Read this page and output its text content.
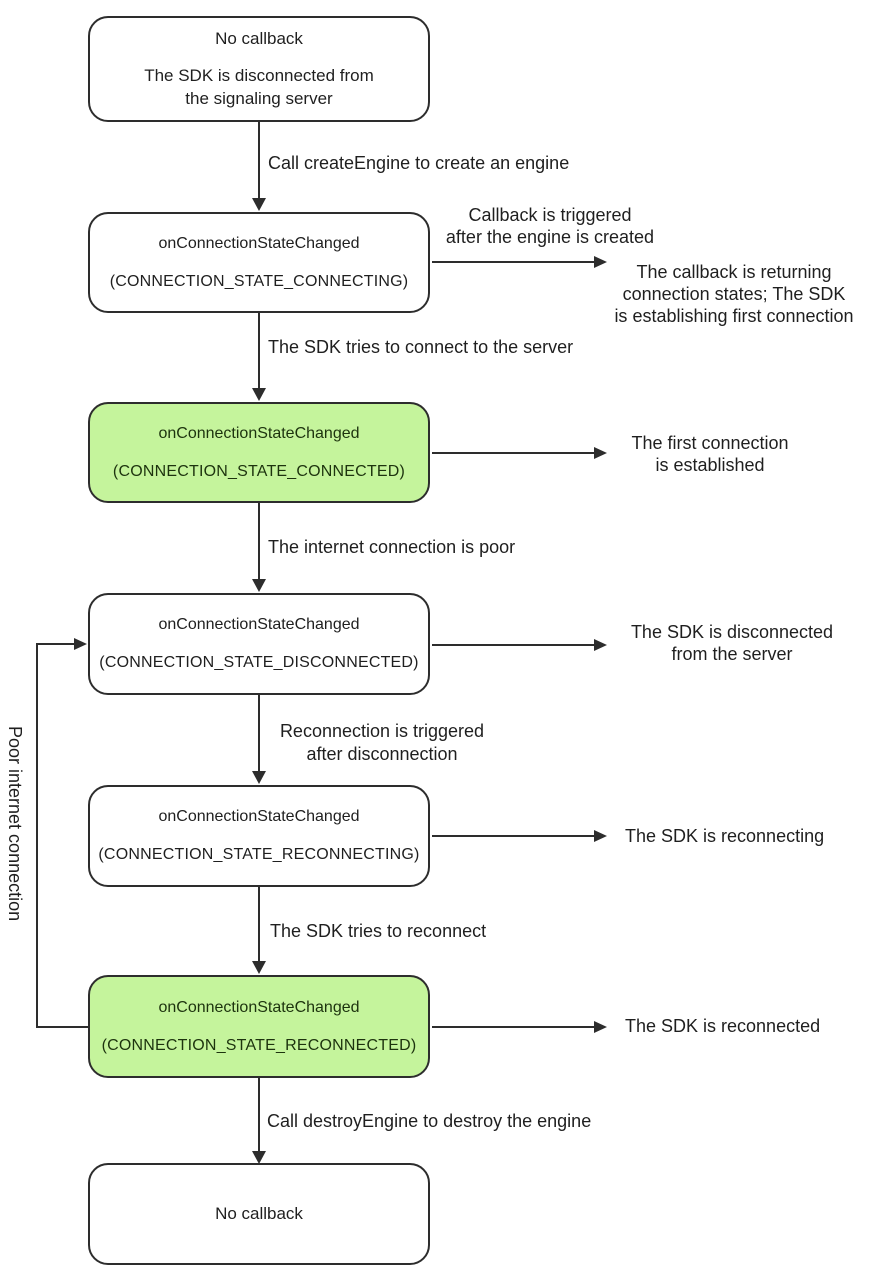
No callback
The SDK is disconnected from
the signaling server
Call createEngine to create an engine
onConnectionStateChanged
(CONNECTION_STATE_CONNECTING)
Callback is triggered
after the engine is created
The callback is returning
connection states; The SDK
is establishing first connection
The SDK tries to connect to the server
onConnectionStateChanged
(CONNECTION_STATE_CONNECTED)
The first connection
is established
The internet connection is poor
onConnectionStateChanged
(CONNECTION_STATE_DISCONNECTED)
The SDK is disconnected
from the server
Reconnection is triggered
after disconnection
onConnectionStateChanged
(CONNECTION_STATE_RECONNECTING)
The SDK is reconnecting
The SDK tries to reconnect
onConnectionStateChanged
(CONNECTION_STATE_RECONNECTED)
The SDK is reconnected
Call destroyEngine to destroy the engine
No callback
Poor internet connection
